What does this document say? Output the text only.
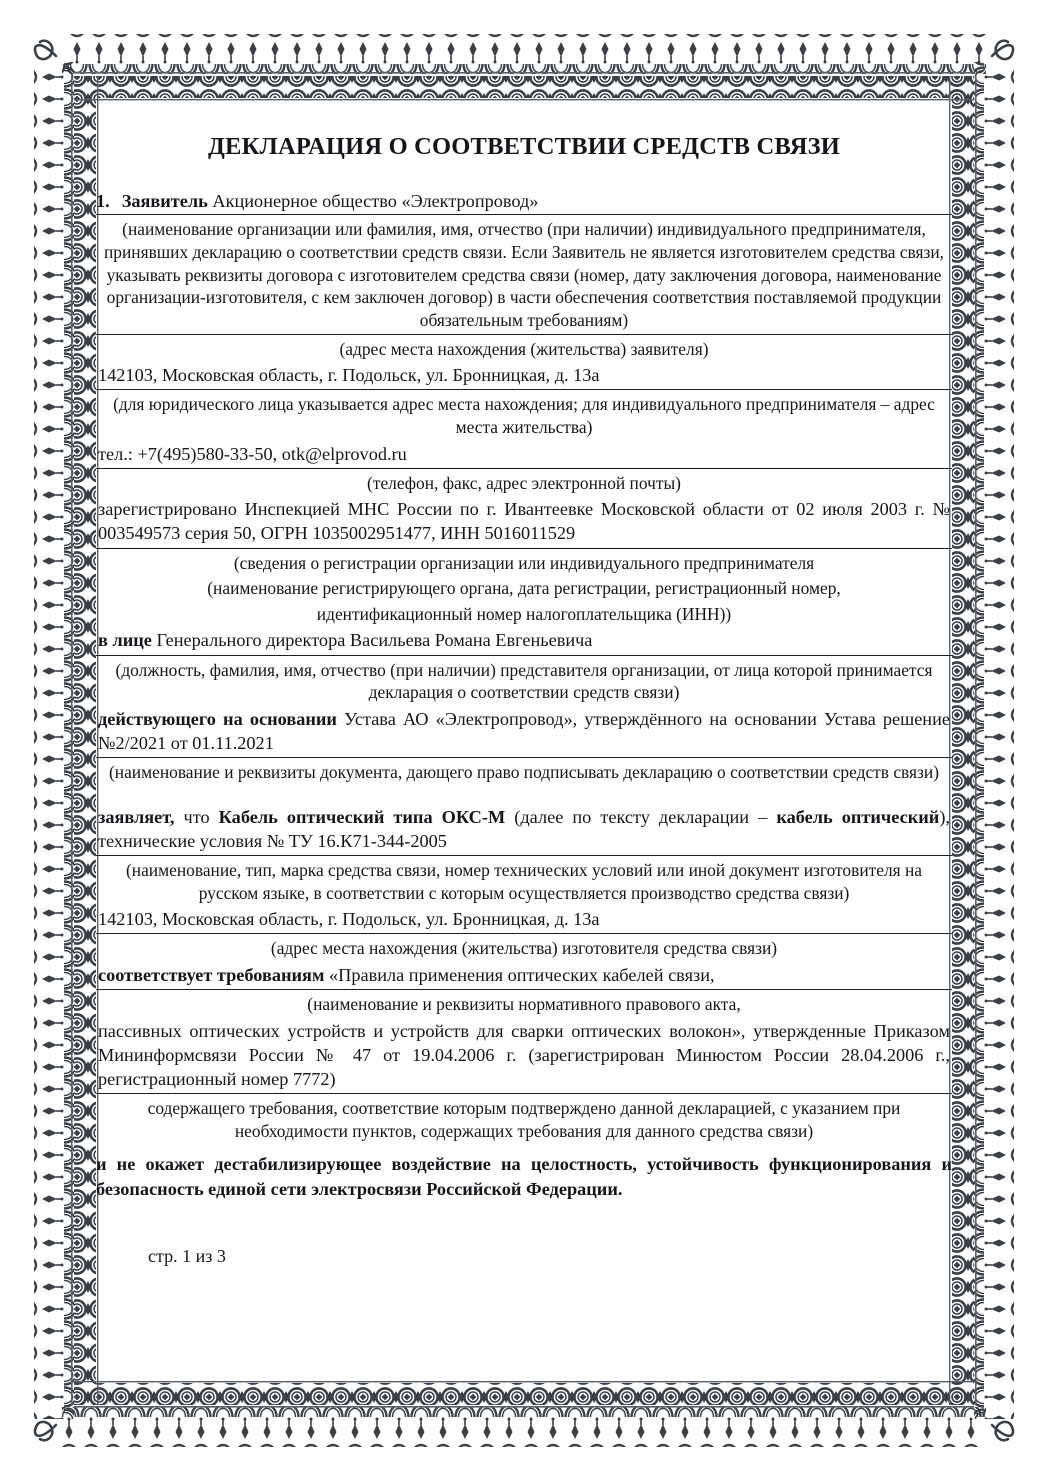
ДЕКЛАРАЦИЯ О СООТВЕТСТВИИ СРЕДСТВ СВЯЗИ
1. Заявитель Акционерное общество «Электропровод»

(наименование организации или фамилия, имя, отчество (при наличии) индивидуального предпринимателя, принявших декларацию о соответствии средств связи. Если Заявитель не является изготовителем средства связи, указывать реквизиты договора с изготовителем средства связи (номер, дату заключения договора, наименование организации-изготовителя, с кем заключен договор) в части обеспечения соответствия поставляемой продукции обязательным требованиям)

(адрес места нахождения (жительства) заявителя)

142103, Московская область, г. Подольск, ул. Бронницкая, д. 13а

(для юридического лица указывается адрес места нахождения; для индивидуального предпринимателя – адрес места жительства)

тел.: +7(495)580-33-50, otk@elprovod.ru

(телефон, факс, адрес электронной почты)

зарегистрировано Инспекцией МНС России по г. Ивантеевке Московской области от 02 июля 2003 г. № 003549573 серия 50, ОГРН 1035002951477, ИНН 5016011529

(сведения о регистрации организации или индивидуального предпринимателя

(наименование регистрирующего органа, дата регистрации, регистрационный номер,

идентификационный номер налогоплательщика (ИНН))

в лице Генерального директора Васильева Романа Евгеньевича

(должность, фамилия, имя, отчество (при наличии) представителя организации, от лица которой принимается декларация о соответствии средств связи)

действующего на основании Устава АО «Электропровод», утверждённого на основании Устава решение №2/2021 от 01.11.2021

(наименование и реквизиты документа, дающего право подписывать декларацию о соответствии средств связи)

заявляет, что Кабель оптический типа ОКС-М (далее по тексту декларации – кабель оптический), технические условия № ТУ 16.К71-344-2005

(наименование, тип, марка средства связи, номер технических условий или иной документ изготовителя на русском языке, в соответствии с которым осуществляется производство средства связи)

142103, Московская область, г. Подольск, ул. Бронницкая, д. 13а

(адрес места нахождения (жительства) изготовителя средства связи)

соответствует требованиям «Правила применения оптических кабелей связи,

(наименование и реквизиты нормативного правового акта,

пассивных оптических устройств и устройств для сварки оптических волокон», утвержденные Приказом Мининформсвязи России № 47 от 19.04.2006 г. (зарегистрирован Минюстом России 28.04.2006 г., регистрационный номер 7772)

содержащего требования, соответствие которым подтверждено данной декларацией, с указанием при необходимости пунктов, содержащих требования для данного средства связи)

и не окажет дестабилизирующее воздействие на целостность, устойчивость функционирования и безопасность единой сети электросвязи Российской Федерации.

стр. 1 из 3
